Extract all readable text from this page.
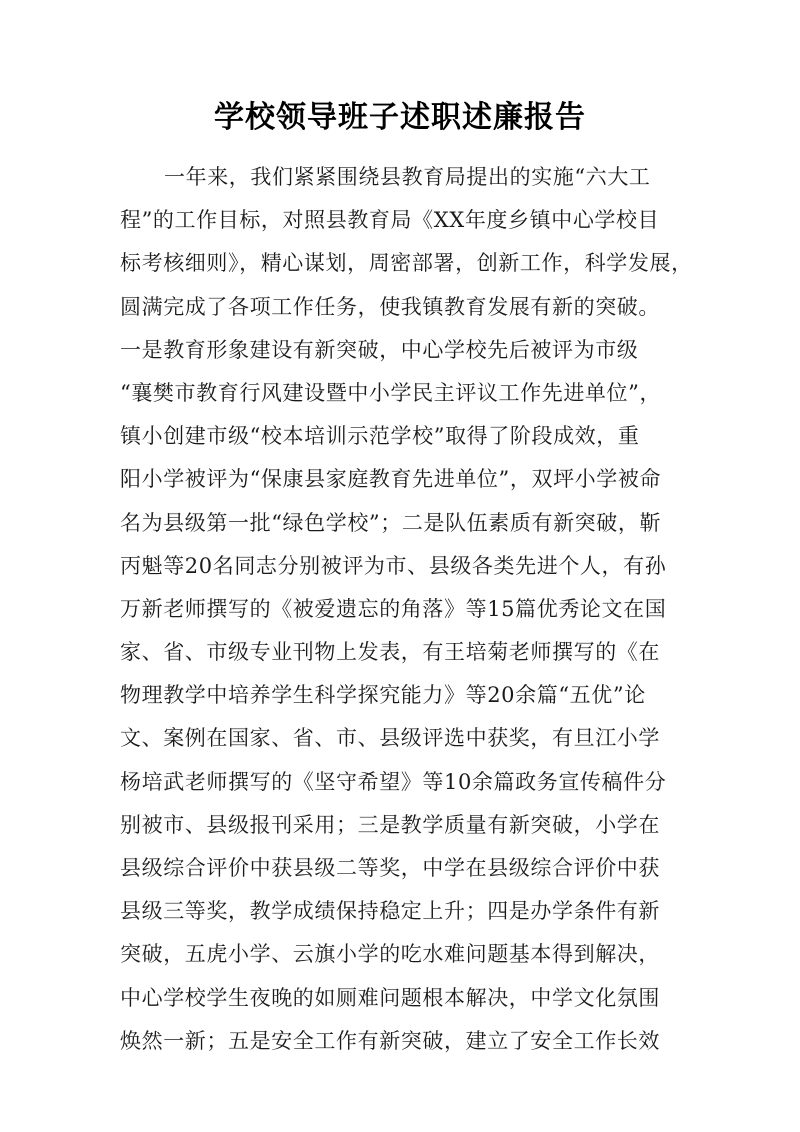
学校领导班子述职述廉报告
一年来，我们紧紧围绕县教育局提出的实施“六大工
程”的工作目标，对照县教育局《XX年度乡镇中心学校目
标考核细则》，精心谋划，周密部署，创新工作，科学发展，
圆满完成了各项工作任务，使我镇教育发展有新的突破。
一是教育形象建设有新突破，中心学校先后被评为市级
“襄樊市教育行风建设暨中小学民主评议工作先进单位”，
镇小创建市级“校本培训示范学校”取得了阶段成效，重
阳小学被评为“保康县家庭教育先进单位”，双坪小学被命
名为县级第一批“绿色学校”；二是队伍素质有新突破，靳
丙魁等20名同志分别被评为市、县级各类先进个人，有孙
万新老师撰写的《被爱遗忘的角落》等15篇优秀论文在国
家、省、市级专业刊物上发表，有王培菊老师撰写的《在
物理教学中培养学生科学探究能力》等20余篇“五优”论
文、案例在国家、省、市、县级评选中获奖，有旦江小学
杨培武老师撰写的《坚守希望》等10余篇政务宣传稿件分
别被市、县级报刊采用；三是教学质量有新突破，小学在
县级综合评价中获县级二等奖，中学在县级综合评价中获
县级三等奖，教学成绩保持稳定上升；四是办学条件有新
突破，五虎小学、云旗小学的吃水难问题基本得到解决，
中心学校学生夜晚的如厕难问题根本解决，中学文化氛围
焕然一新；五是安全工作有新突破，建立了安全工作长效
